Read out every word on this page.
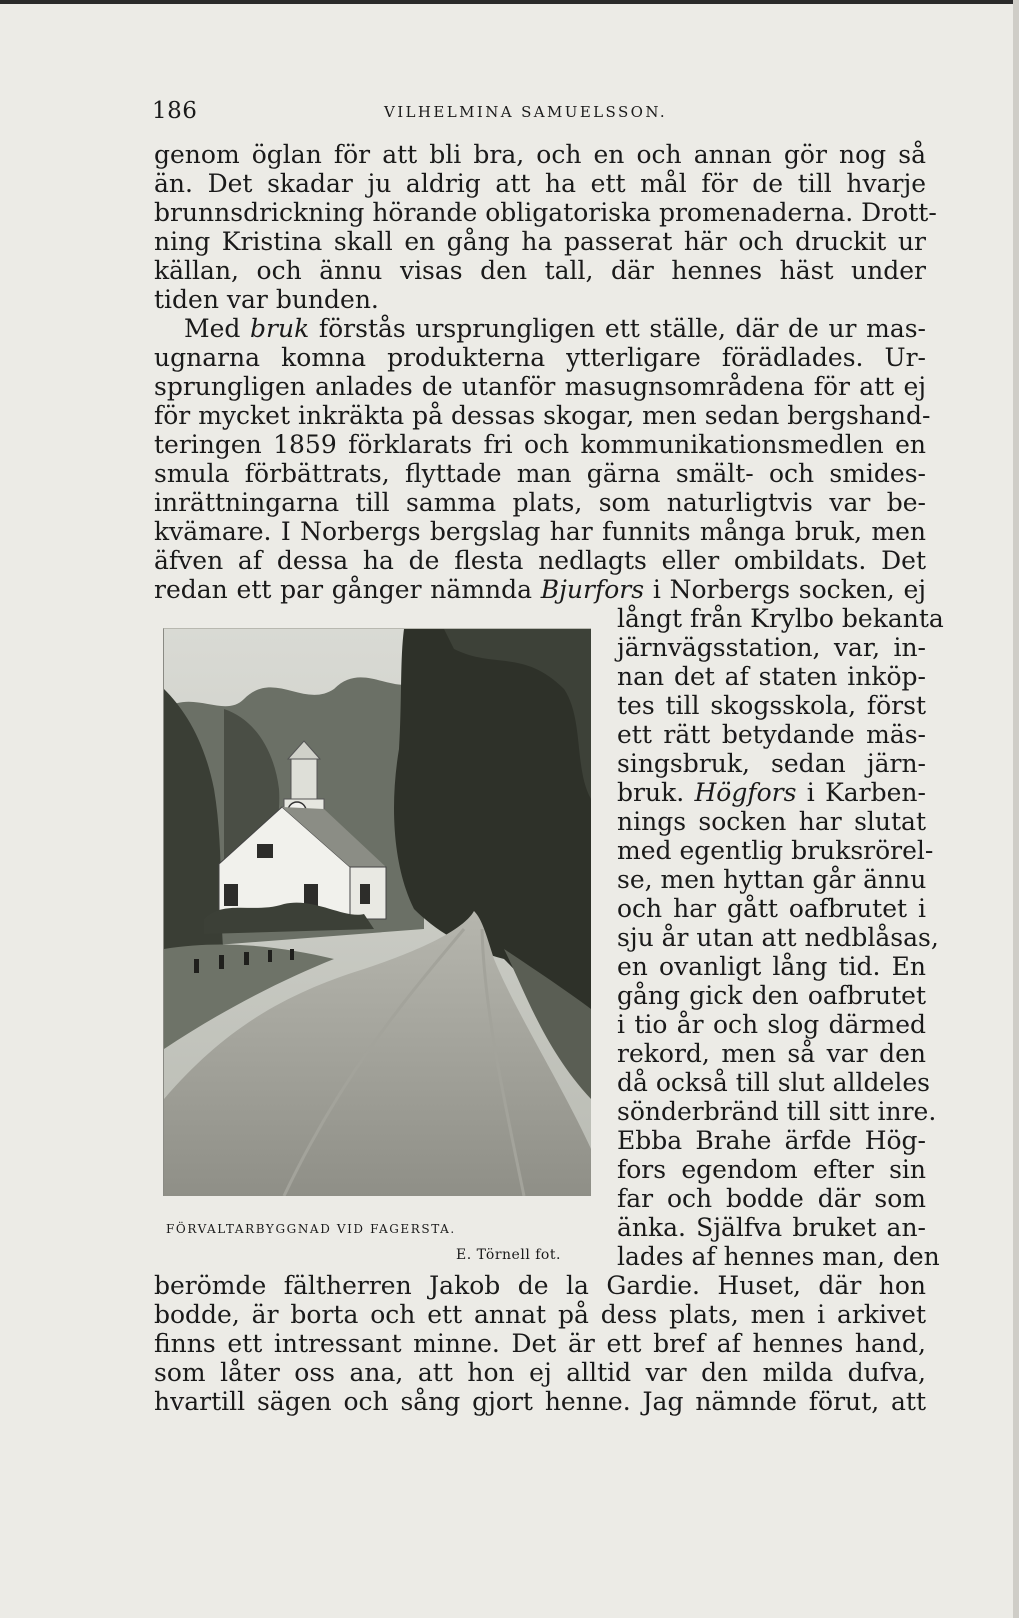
186	VILHELMINA SAMUELSSON.

genom öglan för att bli bra, och en och annan gör nog så

än. Det skadar ju aldrig att ha ett mål för de till hvarje

brunnsdrickning hörande obligatoriska promenaderna. Drott-

ning Kristina skall en gång ha passerat här och druckit ur

källan, och ännu visas den tall, där hennes häst under

tiden var bunden.

Med bruk förstås ursprungligen ett ställe, där de ur mas-

ugnarna komna produkterna ytterligare förädlades. Ur-

sprungligen anlades de utanför masugnsområdena för att ej

för mycket inkräkta på dessas skogar, men sedan bergshand-

teringen 1859 förklarats fri och kommunikationsmedlen en

smula förbättrats, flyttade man gärna smält- och smides-

inrättningarna till samma plats, som naturligtvis var be-

kvämare. I Norbergs bergslag har funnits många bruk, men

äfven af dessa ha de flesta nedlagts eller ombildats. Det

redan ett par gånger nämnda Bjurfors i Norbergs socken, ej

långt från Krylbo bekanta

järnvägsstation, var, in-

nan det af staten inköp-

tes till skogsskola, först

ett rätt betydande mäs-

singsbruk, sedan järn-

bruk. Högfors i Karben-

nings socken har slutat

med egentlig bruksrörel-

se, men hyttan går ännu

och har gått oafbrutet i

sju år utan att nedblåsas,

en ovanligt lång tid. En

gång gick den oafbrutet

i tio år och slog därmed

rekord, men så var den

då också till slut alldeles

sönderbränd till sitt inre.

Ebba Brahe ärfde Hög-

fors egendom efter sin

far och bodde där som

änka. Själfva bruket an-

lades af hennes man, den

FÖRVALTARBYGGNAD VID FAGERSTA.
E. Törnell fot.

berömde fältherren Jakob de la Gardie. Huset, där hon

bodde, är borta och ett annat på dess plats, men i arkivet

finns ett intressant minne. Det är ett bref af hennes hand,

som låter oss ana, att hon ej alltid var den milda dufva,

hvartill sägen och sång gjort henne. Jag nämnde förut, att
